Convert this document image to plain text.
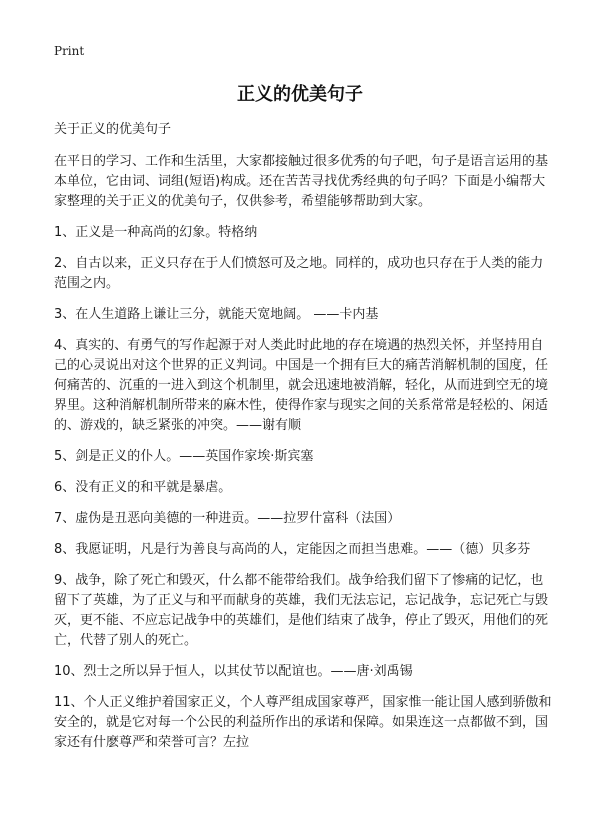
Print
正义的优美句子

关于正义的优美句子

在平日的学习、工作和生活里，大家都接触过很多优秀的句子吧，句子是语言运用的基本单位，它由词、词组(短语)构成。还在苦苦寻找优秀经典的句子吗？下面是小编帮大家整理的关于正义的优美句子，仅供参考，希望能够帮助到大家。

1、正义是一种高尚的幻象。特格纳

2、自古以来，正义只存在于人们愤怒可及之地。同样的，成功也只存在于人类的能力范围之内。

3、在人生道路上谦让三分，就能天宽地阔。 ——卡内基

4、真实的、有勇气的写作起源于对人类此时此地的存在境遇的热烈关怀，并坚持用自己的心灵说出对这个世界的正义判词。中国是一个拥有巨大的痛苦消解机制的国度，任何痛苦的、沉重的一进入到这个机制里，就会迅速地被消解，轻化，从而进到空无的境界里。这种消解机制所带来的麻木性，使得作家与现实之间的关系常常是轻松的、闲适的、游戏的，缺乏紧张的冲突。——谢有顺

5、剑是正义的仆人。——英国作家埃·斯宾塞

6、没有正义的和平就是暴虐。

7、虚伪是丑恶向美德的一种进贡。——拉罗什富科（法国）

8、我愿证明，凡是行为善良与高尚的人，定能因之而担当患难。——（德）贝多芬

9、战争，除了死亡和毁灭，什么都不能带给我们。战争给我们留下了惨痛的记忆，也留下了英雄，为了正义与和平而献身的英雄，我们无法忘记，忘记战争，忘记死亡与毁灭，更不能、不应忘记战争中的英雄们，是他们结束了战争，停止了毁灭，用他们的死亡，代替了别人的死亡。

10、烈士之所以异于恒人，以其仗节以配谊也。——唐·刘禹锡

11、个人正义维护着国家正义，个人尊严组成国家尊严，国家惟一能让国人感到骄傲和安全的，就是它对每一个公民的利益所作出的承诺和保障。如果连这一点都做不到，国家还有什麽尊严和荣誉可言？左拉
